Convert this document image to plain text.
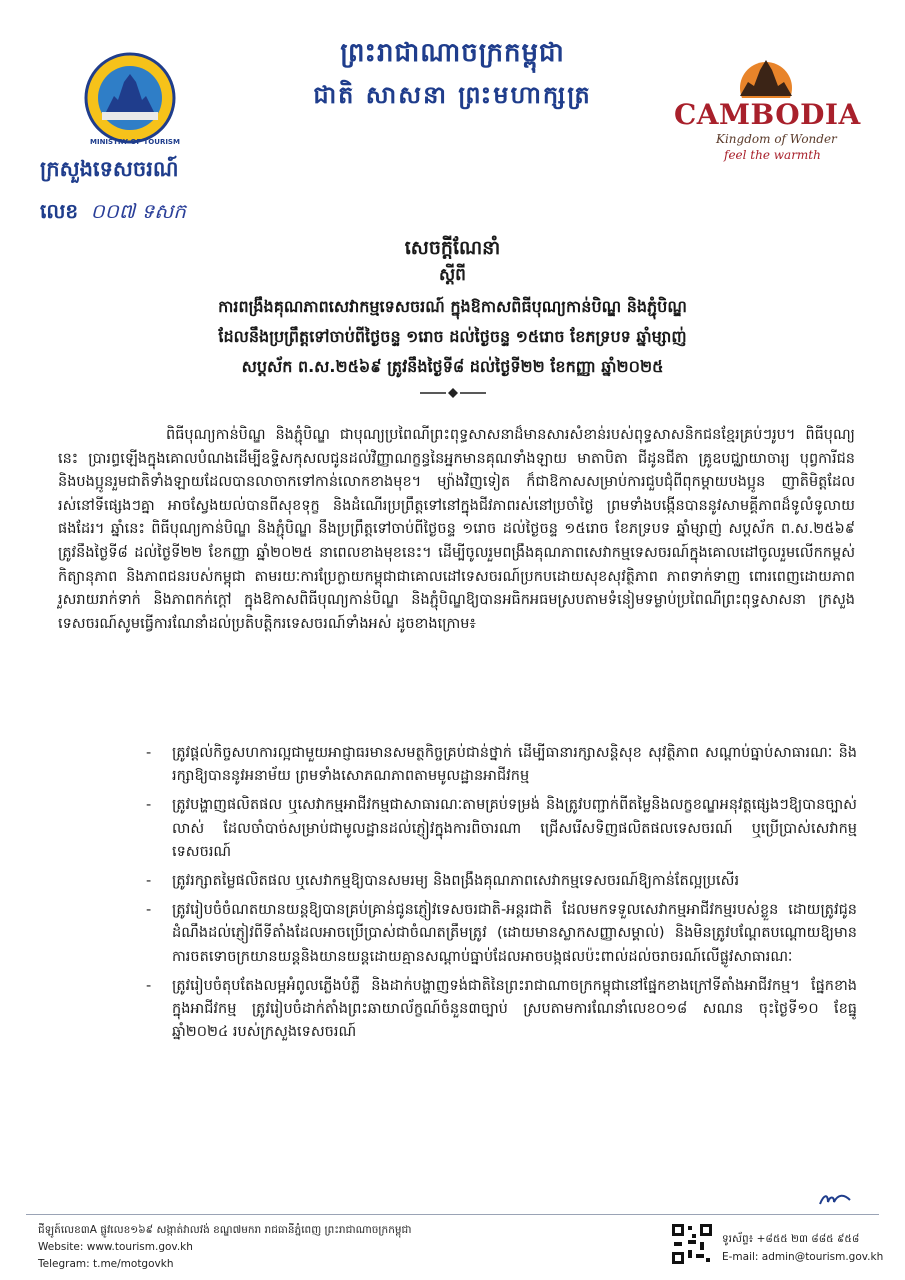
ព្រះរាជាណាចក្រកម្ពុជា
ជាតិ សាសនា ព្រះមហាក្សត្រ
MINISTRY OF TOURISM
CAMBODIA
Kingdom of Wonder
feel the warmth
ក្រសួងទេសចរណ៍
លេខ ០០៧ ទសក
សេចក្តីណែនាំ
ស្តីពី
ការពង្រឹងគុណភាពសេវាកម្មទេសចរណ៍ ក្នុងឱកាសពិធីបុណ្យកាន់បិណ្ឌ និងភ្ជុំបិណ្ឌ
ដែលនឹងប្រព្រឹត្តទៅចាប់ពីថ្ងៃចន្ទ ១រោច ដល់ថ្ងៃចន្ទ ១៥រោច ខែភទ្របទ ឆ្នាំម្សាញ់
សប្តស័ក ព.ស.២៥៦៩ ត្រូវនឹងថ្ងៃទី៨ ដល់ថ្ងៃទី២២ ខែកញ្ញា ឆ្នាំ២០២៥
ពិធីបុណ្យកាន់បិណ្ឌ និងភ្ជុំបិណ្ឌ ជាបុណ្យប្រពៃណីព្រះពុទ្ធសាសនាដ៏មានសារសំខាន់របស់ពុទ្ធសាសនិកជនខ្មែរគ្រប់ៗរូប។ ពិធីបុណ្យនេះ ប្រារព្ធឡើងក្នុងគោលបំណងដើម្បីឧទ្ទិសកុសលជូនដល់វិញ្ញាណក្ខន្ធនៃអ្នកមានគុណទាំងឡាយ មាតាបិតា ជីដូនជីតា គ្រូឧបជ្ឈាយាចារ្យ បុព្វការីជន និងបងប្អូនរួមជាតិទាំងឡាយដែលបានលាចាកទៅកាន់លោកខាងមុខ។ ម្យ៉ាងវិញទៀត ក៏ជាឱកាសសម្រាប់ការជួបជុំពីពុកម្តាយបងប្អូន ញាតិមិត្តដែលរស់នៅទីផ្សេងៗគ្នា អាចស្វែងយល់បានពីសុខទុក្ខ និងដំណើរប្រព្រឹត្តទៅនៅក្នុងជីវភាពរស់នៅប្រចាំថ្ងៃ ព្រមទាំងបង្កើនបាននូវសាមគ្គីភាពដ៏ទូលំទូលាយផងដែរ។ ឆ្នាំនេះ ពិធីបុណ្យកាន់បិណ្ឌ និងភ្ជុំបិណ្ឌ នឹងប្រព្រឹត្តទៅចាប់ពីថ្ងៃចន្ទ ១រោច ដល់ថ្ងៃចន្ទ ១៥រោច ខែភទ្របទ ឆ្នាំម្សាញ់ សប្តស័ក ព.ស.២៥៦៩ ត្រូវនឹងថ្ងៃទី៨ ដល់ថ្ងៃទី២២ ខែកញ្ញា ឆ្នាំ២០២៥ នាពេលខាងមុខនេះ។ ដើម្បីចូលរួមពង្រឹងគុណភាពសេវាកម្មទេសចរណ៍ក្នុងគោលដៅចូលរួមលើកកម្ពស់កិត្យានុភាព និងភាពជនរបស់កម្ពុជា តាមរយៈការប្រែក្លាយកម្ពុជាជាគោលដៅទេសចរណ៍ប្រកបដោយសុខសុវត្ថិភាព ភាពទាក់ទាញ ពោរពេញដោយភាពរួសរាយរាក់ទាក់ និងភាពកក់ក្តៅ ក្នុងឱកាសពិធីបុណ្យកាន់បិណ្ឌ និងភ្ជុំបិណ្ឌឱ្យបានអធិកអធមស្របតាមទំនៀមទម្លាប់ប្រពៃណីព្រះពុទ្ធសាសនា ក្រសួងទេសចរណ៍សូមធ្វើការណែនាំដល់ប្រតិបត្តិករទេសចរណ៍ទាំងអស់ ដូចខាងក្រោម៖
- ត្រូវផ្តល់កិច្ចសហការល្អជាមួយអាជ្ញាធរមានសមត្ថកិច្ចគ្រប់ជាន់ថ្នាក់ ដើម្បីធានារក្សាសន្តិសុខ សុវត្ថិភាព សណ្តាប់ធ្នាប់សាធារណៈ និងរក្សាឱ្យបាននូវអនាម័យ ព្រមទាំងសោភណភាពតាមមូលដ្ឋានអាជីវកម្ម
- ត្រូវបង្ហាញផលិតផល ឬសេវាកម្មអាជីវកម្មជាសាធារណៈតាមគ្រប់ទម្រង់ និងត្រូវបញ្ជាក់ពីតម្លៃនិងលក្ខខណ្ឌអនុវត្តផ្សេងៗឱ្យបានច្បាស់លាស់ ដែលចាំបាច់សម្រាប់ជាមូលដ្ឋានដល់ភ្ញៀវក្នុងការពិចារណា ជ្រើសរើសទិញផលិតផលទេសចរណ៍ ឬប្រើប្រាស់សេវាកម្មទេសចរណ៍
- ត្រូវរក្សាតម្លៃផលិតផល ឬសេវាកម្មឱ្យបានសមរម្យ និងពង្រឹងគុណភាពសេវាកម្មទេសចរណ៍ឱ្យកាន់តែល្អប្រសើរ
- ត្រូវរៀបចំចំណតយានយន្តឱ្យបានគ្រប់គ្រាន់ជូនភ្ញៀវទេសចរជាតិ-អន្តរជាតិ ដែលមកទទួលសេវាកម្មអាជីវកម្មរបស់ខ្លួន ដោយត្រូវជូនដំណឹងដល់ភ្ញៀវពីទីតាំងដែលអាចប្រើប្រាស់ជាចំណតត្រឹមត្រូវ (ដោយមានស្លាកសញ្ញាសម្គាល់) និងមិនត្រូវបណ្តែតបណ្តោយឱ្យមានការចតទោចក្រយានយន្តនិងយានយន្តដោយគ្មានសណ្តាប់ធ្នាប់ដែលអាចបង្កផលប៉ះពាល់ដល់ចរាចរណ៍លើផ្លូវសាធារណៈ
- ត្រូវរៀបចំតុបតែងលម្អអំពូលភ្លើងបំភ្លឺ និងដាក់បង្ហាញទង់ជាតិនៃព្រះរាជាណាចក្រកម្ពុជានៅផ្នែកខាងក្រៅទីតាំងអាជីវកម្ម។ ផ្នែកខាងក្នុងអាជីវកម្ម ត្រូវរៀបចំដាក់តាំងព្រះឆាយាល័ក្ខណ៍ចំនួន៣ច្បាប់ ស្របតាមការណែនាំលេខ០១៨ សណន ចុះថ្ងៃទី១០ ខែធ្នូ ឆ្នាំ២០២៤ របស់ក្រសួងទេសចរណ៍
ជីឡូត៍លេខ៣A ផ្លូវលេខ១៦៩ សង្កាត់វាលវង់ ខណ្ឌ៧មករា រាជធានីភ្នំពេញ ព្រះរាជាណាចក្រកម្ពុជា
Website: www.tourism.gov.kh
Telegram: t.me/motgovkh
ទូរស័ព្ទ៖ +៨៥៥ ២៣ ៨៨៥ ៩៥៨
E-mail: admin@tourism.gov.kh
